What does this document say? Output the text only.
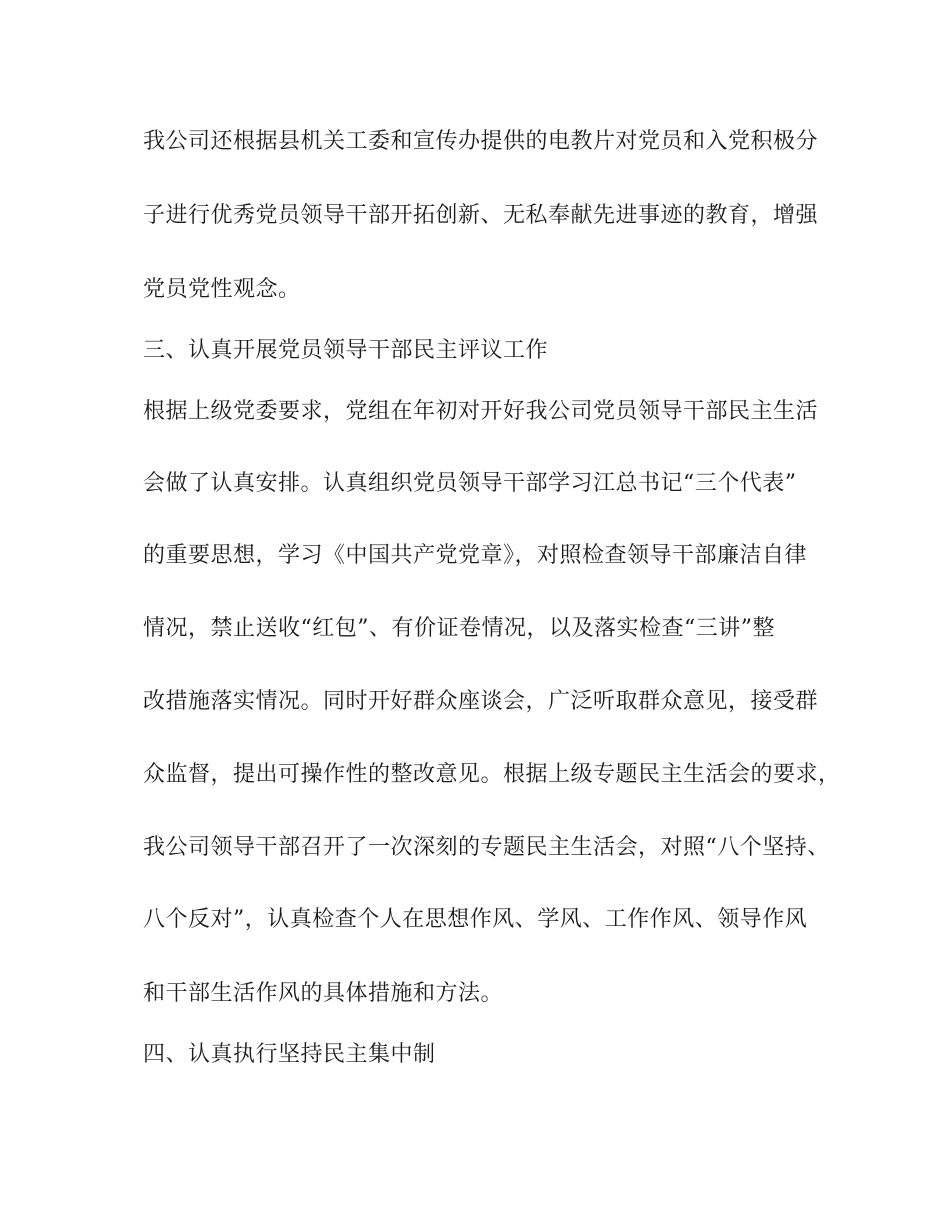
我公司还根据县机关工委和宣传办提供的电教片对党员和入党积极分
子进行优秀党员领导干部开拓创新、无私奉献先进事迹的教育，增强
党员党性观念。
三、认真开展党员领导干部民主评议工作
根据上级党委要求，党组在年初对开好我公司党员领导干部民主生活
会做了认真安排。认真组织党员领导干部学习江总书记“三个代表”
的重要思想，学习《中国共产党党章》，对照检查领导干部廉洁自律
情况，禁止送收“红包”、有价证卷情况，以及落实检查“三讲”整
改措施落实情况。同时开好群众座谈会，广泛听取群众意见，接受群
众监督，提出可操作性的整改意见。根据上级专题民主生活会的要求，
我公司领导干部召开了一次深刻的专题民主生活会，对照“八个坚持、
八个反对”，认真检查个人在思想作风、学风、工作作风、领导作风
和干部生活作风的具体措施和方法。
四、认真执行坚持民主集中制
